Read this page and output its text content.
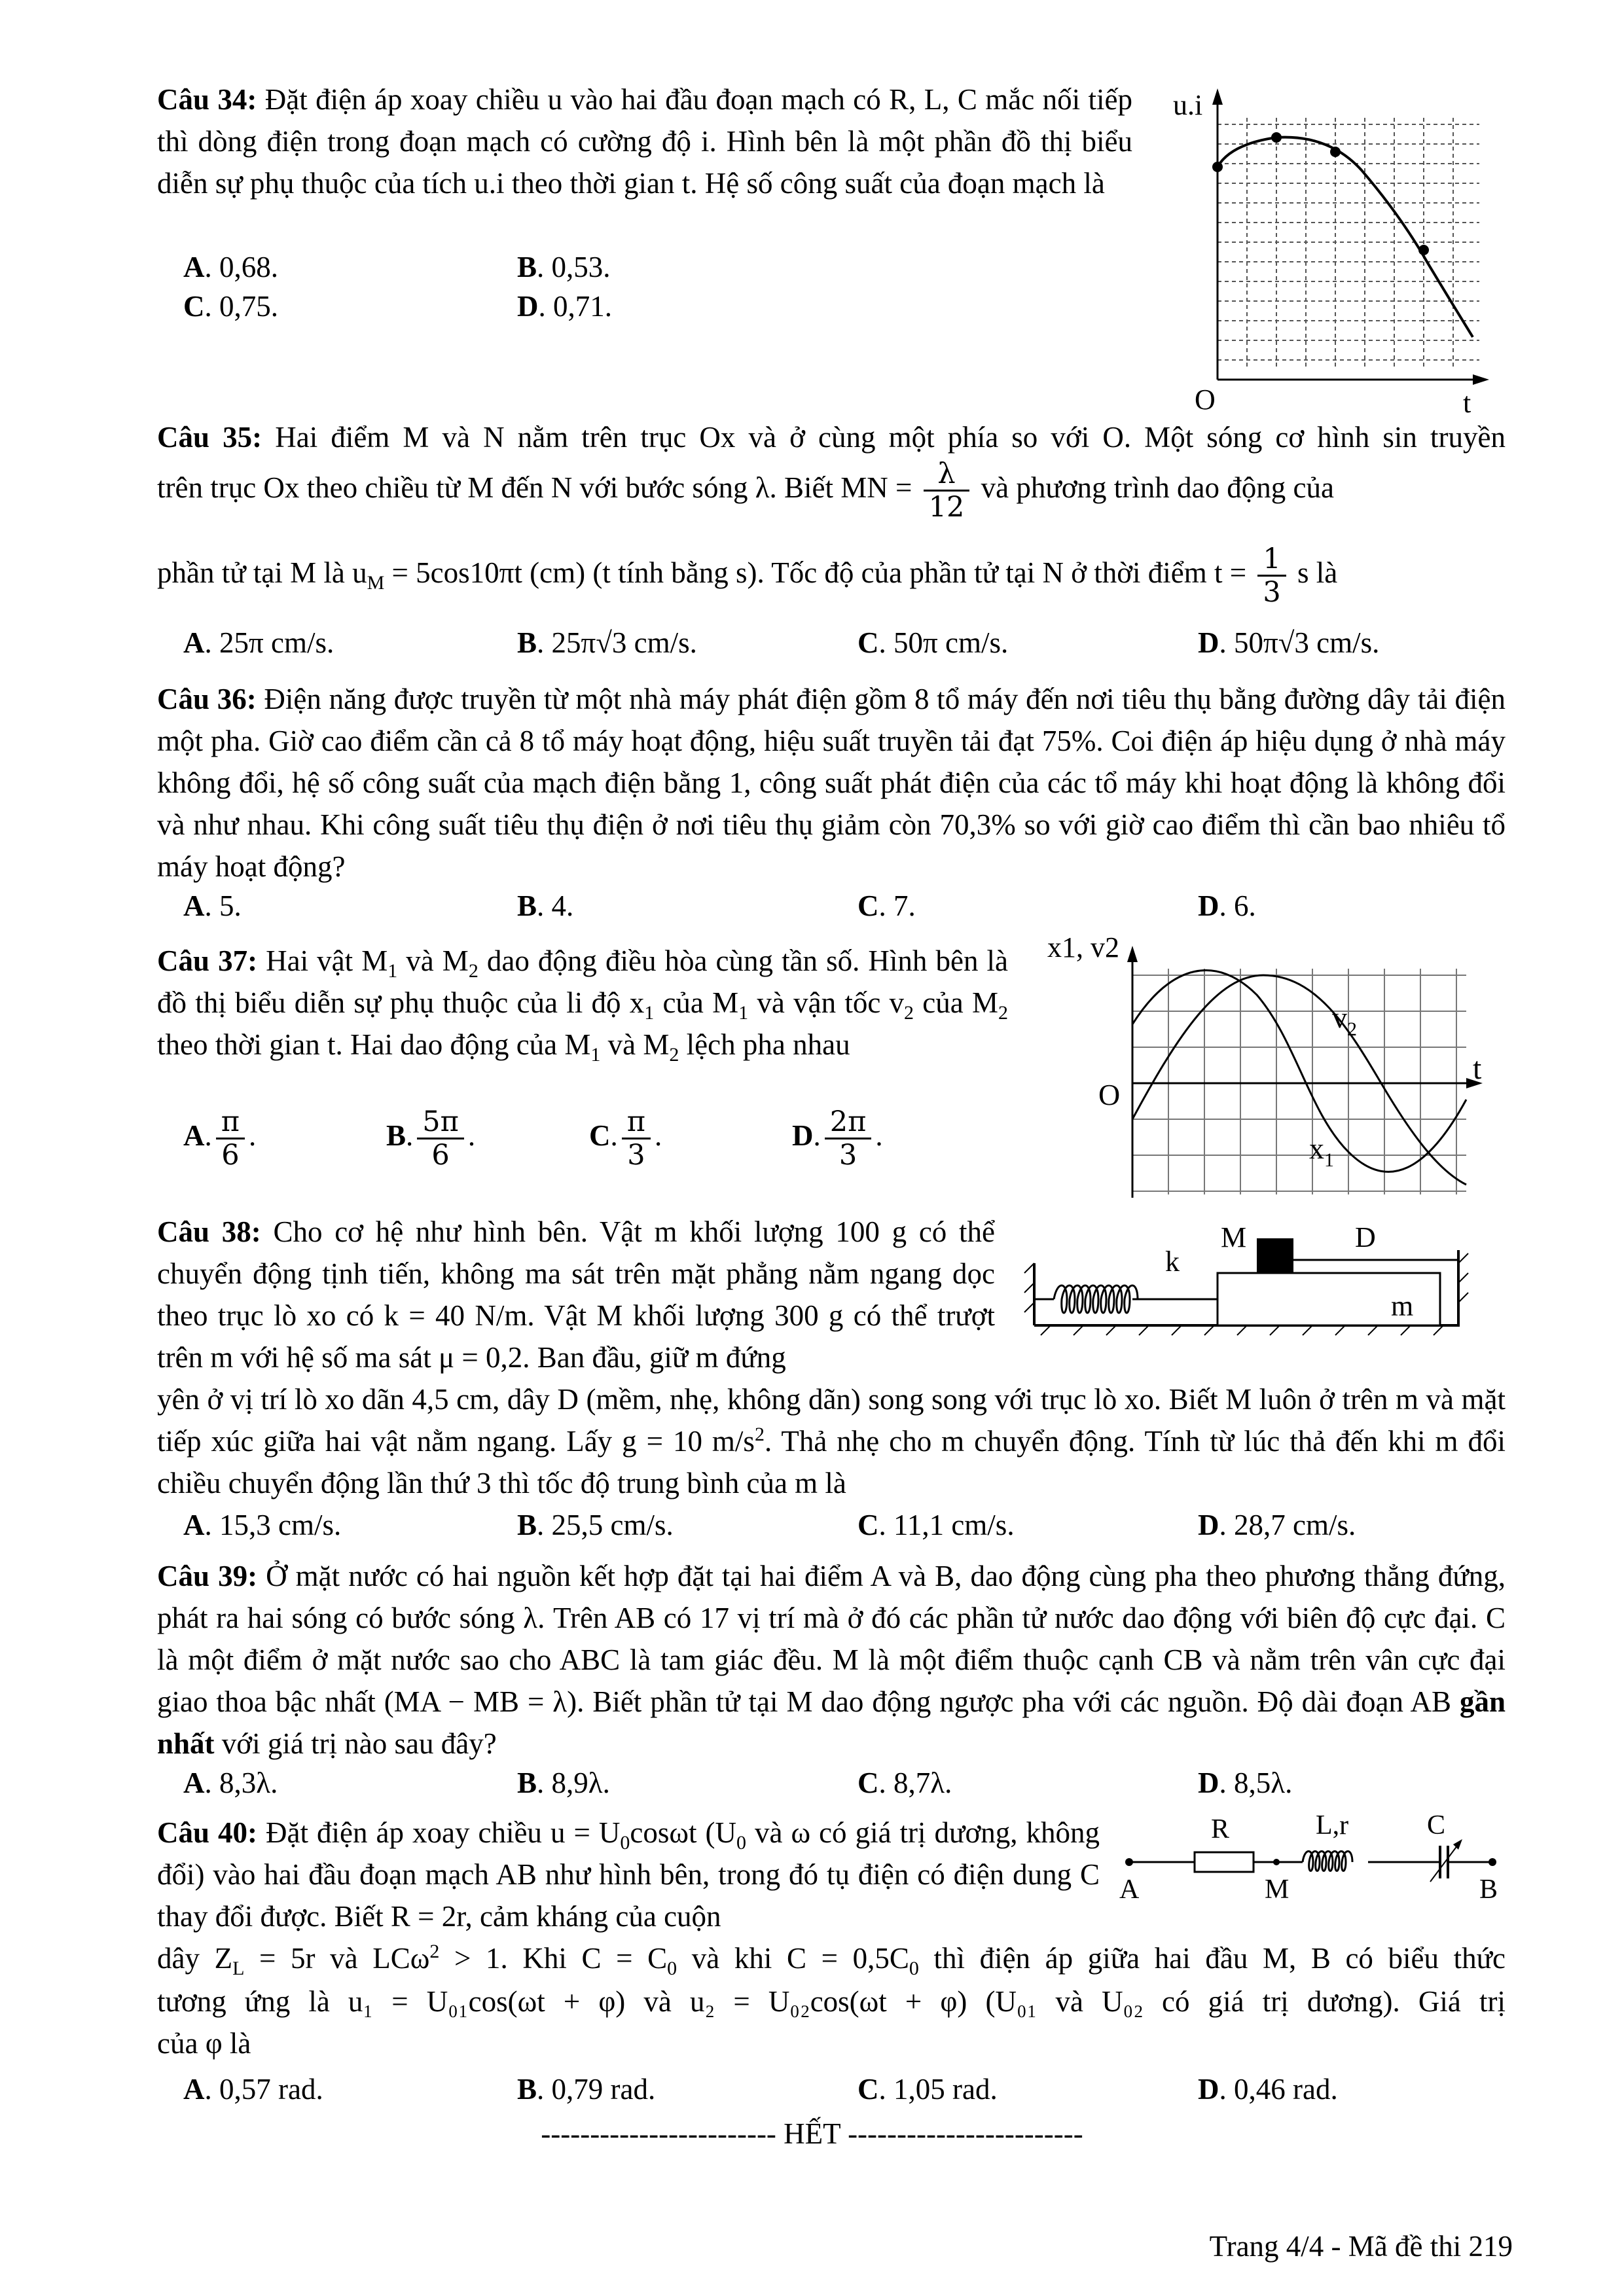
Câu 34: Đặt điện áp xoay chiều u vào hai đầu đoạn mạch có R, L, C mắc nối tiếp thì dòng điện trong đoạn mạch có cường độ i. Hình bên là một phần đồ thị biểu diễn sự phụ thuộc của tích u.i theo thời gian t. Hệ số công suất của đoạn mạch là

A. 0,68.	B. 0,53.
C. 0,75.	D. 0,71.
u.i
O	t
Câu 35: Hai điểm M và N nằm trên trục Ox và ở cùng một phía so với O. Một sóng cơ hình sin truyền
trên trục Ox theo chiều từ M đến N với bước sóng λ. Biết MN = $\frac{\lambda}{12}$ và phương trình dao động của
phần tử tại M là $u_M = 5\cos 10\pi t$ (cm) (t tính bằng s). Tốc độ của phần tử tại N ở thời điểm $t = \frac{1}{3}$ s là
A. 25π cm/s.	B. 25π√3 cm/s.	C. 50π cm/s.	D. 50π√3 cm/s.

Câu 36: Điện năng được truyền từ một nhà máy phát điện gồm 8 tổ máy đến nơi tiêu thụ bằng đường dây tải điện một pha. Giờ cao điểm cần cả 8 tổ máy hoạt động, hiệu suất truyền tải đạt 75%. Coi điện áp hiệu dụng ở nhà máy không đổi, hệ số công suất của mạch điện bằng 1, công suất phát điện của các tổ máy khi hoạt động là không đổi và như nhau. Khi công suất tiêu thụ điện ở nơi tiêu thụ giảm còn 70,3% so với giờ cao điểm thì cần bao nhiêu tổ máy hoạt động?

A. 5.	B. 4.	C. 7.	D. 6.

Câu 37: Hai vật $M_1$ và $M_2$ dao động điều hòa cùng tần số. Hình bên là đồ thị biểu diễn sự phụ thuộc của li độ $x_1$ của $M_1$ và vận tốc $v_2$ của $M_2$ theo thời gian t. Hai dao động của $M_1$ và $M_2$ lệch pha nhau

A. $\frac{\pi}{6}$ .	B. $\frac{5\pi}{6}$ .	C. $\frac{\pi}{3}$ .	D. $\frac{2\pi}{3}$ .
x1, v2
O
t
$v_2$
$x_1$

Câu 38: Cho cơ hệ như hình bên. Vật m khối lượng 100 g có thể chuyển động tịnh tiến, không ma sát trên mặt phẳng nằm ngang dọc theo trục lò xo có k = 40 N/m. Vật M khối lượng 300 g có thể trượt trên m với hệ số ma sát μ = 0,2. Ban đầu, giữ m đứng

yên ở vị trí lò xo dãn 4,5 cm, dây D (mềm, nhẹ, không dãn) song song với trục lò xo. Biết M luôn ở trên m và mặt tiếp xúc giữa hai vật nằm ngang. Lấy g = 10 $m/s^2$. Thả nhẹ cho m chuyển động. Tính từ lúc thả đến khi m đổi chiều chuyển động lần thứ 3 thì tốc độ trung bình của m là

A. 15,3 cm/s.	B. 25,5 cm/s.	C. 11,1 cm/s.	D. 28,7 cm/s.
k
M	D
m

Câu 39: Ở mặt nước có hai nguồn kết hợp đặt tại hai điểm A và B, dao động cùng pha theo phương thẳng đứng, phát ra hai sóng có bước sóng λ. Trên AB có 17 vị trí mà ở đó các phần tử nước dao động với biên độ cực đại. C là một điểm ở mặt nước sao cho ABC là tam giác đều. M là một điểm thuộc cạnh CB và nằm trên vân cực đại giao thoa bậc nhất (MA − MB = λ). Biết phần tử tại M dao động ngược pha với các nguồn. Độ dài đoạn AB gần nhất với giá trị nào sau đây?

A. 8,3λ.	B. 8,9λ.	C. 8,7λ.	D. 8,5λ.

Câu 40: Đặt điện áp xoay chiều $u = U_0\cos\omega t$ ($U_0$ và ω có giá trị dương, không đổi) vào hai đầu đoạn mạch AB như hình bên, trong đó tụ điện có điện dung C thay đổi được. Biết R = 2r, cảm kháng của cuộn

dây $Z_L = 5r$ và LCω$^2$ > 1. Khi $C = C_0$ và khi $C = 0,5C_0$ thì điện áp giữa hai đầu M, B có biểu thức
tương ứng là u₁ = U₀₁cos(ωt + φ) và u₂ = U₀₂cos(ωt + φ) (U₀₁ và U₀₂ có giá trị dương). Giá trị
của φ là
A. 0,57 rad.	B. 0,79 rad.	C. 1,05 rad.	D. 0,46 rad.
R	L,r	C
A	M	B
------------------------ HẾT ------------------------
Trang 4/4 - Mã đề thi 219
